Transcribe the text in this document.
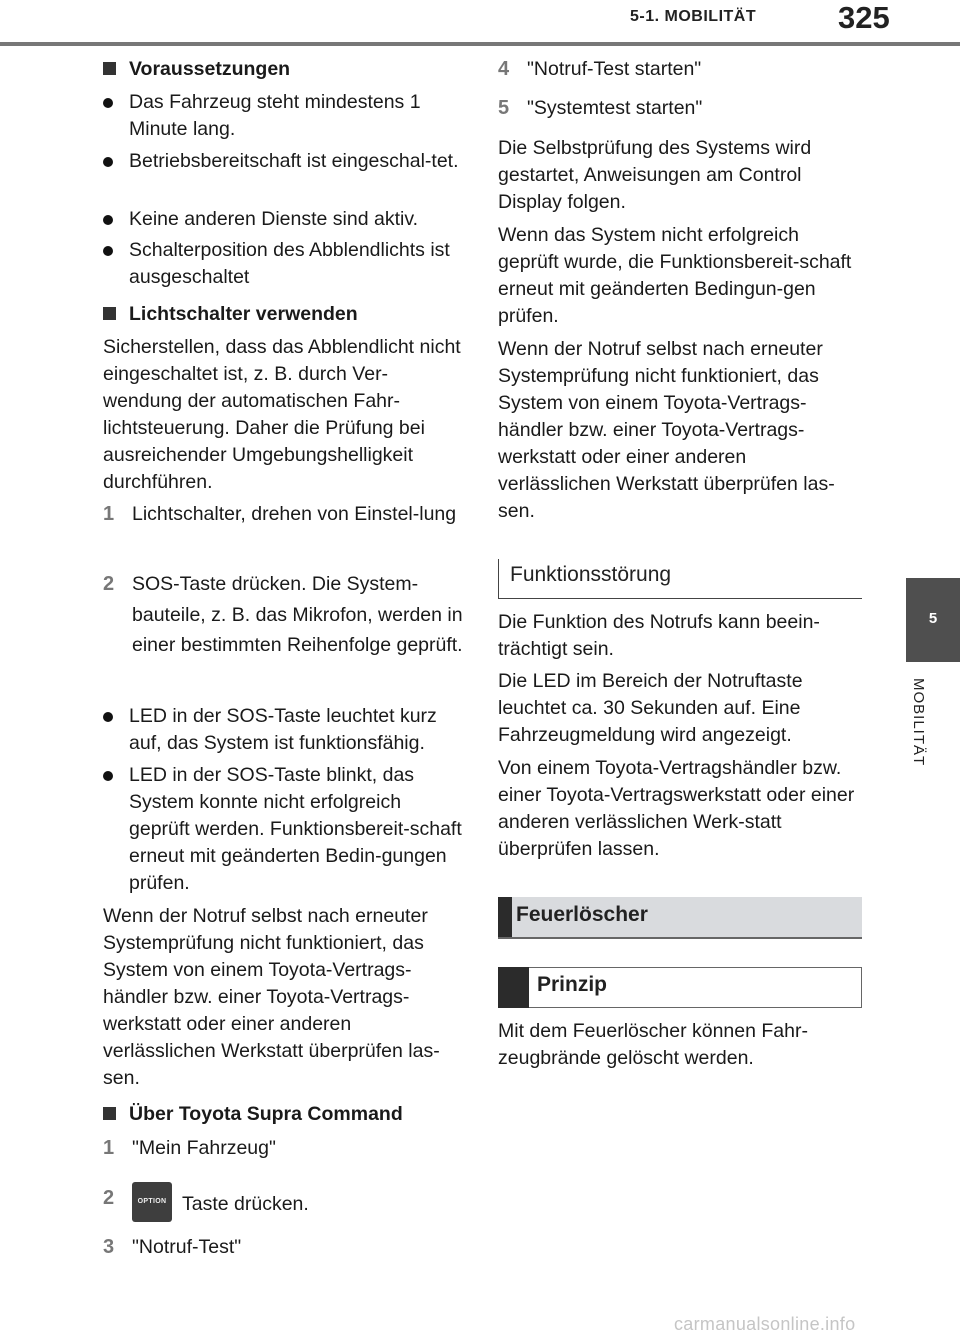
5-1. MOBILITÄT	325
5
MOBILITÄT
Voraussetzungen

Das Fahrzeug steht mindestens 1 Minute lang.

Betriebsbereitschaft ist eingeschal-tet.

Keine anderen Dienste sind aktiv.

Schalterposition des Abblendlichts ist ausgeschaltet

Lichtschalter verwenden

Sicherstellen, dass das Abblendlicht nicht eingeschaltet ist, z. B. durch Ver-wendung der automatischen Fahr-lichtsteuerung. Daher die Prüfung bei ausreichender Umgebungshelligkeit durchführen.

1 Lichtschalter, drehen von Einstel-lung

2 SOS-Taste drücken. Die System-bauteile, z. B. das Mikrofon, werden in einer bestimmten Reihenfolge geprüft.

LED in der SOS-Taste leuchtet kurz auf, das System ist funktionsfähig.

LED in der SOS-Taste blinkt, das System konnte nicht erfolgreich geprüft werden. Funktionsbereit-schaft erneut mit geänderten Bedin-gungen prüfen.

Wenn der Notruf selbst nach erneuter Systemprüfung nicht funktioniert, das System von einem Toyota-Vertrags-händler bzw. einer Toyota-Vertrags-werkstatt oder einer anderen verlässlichen Werkstatt überprüfen las-sen.

Über Toyota Supra Command
1 "Mein Fahrzeug"

2	OPTION Taste drücken.

3 "Notruf-Test"

4 "Notruf-Test starten"

5 "Systemtest starten"

Die Selbstprüfung des Systems wird gestartet, Anweisungen am Control Display folgen.

Wenn das System nicht erfolgreich geprüft wurde, die Funktionsbereit-schaft erneut mit geänderten Bedingun-gen prüfen.

Wenn der Notruf selbst nach erneuter Systemprüfung nicht funktioniert, das System von einem Toyota-Vertrags-händler bzw. einer Toyota-Vertrags-werkstatt oder einer anderen verlässlichen Werkstatt überprüfen las-sen.

Die Funktion des Notrufs kann beein-trächtigt sein.

Die LED im Bereich der Notruftaste leuchtet ca. 30 Sekunden auf. Eine Fahrzeugmeldung wird angezeigt.

Von einem Toyota-Vertragshändler bzw. einer Toyota-Vertragswerkstatt oder einer anderen verlässlichen Werk-statt überprüfen lassen.

Mit dem Feuerlöscher können Fahr-zeugbrände gelöscht werden.

Funktionsstörung
Feuerlöscher
Prinzip
carmanualsonline.info
